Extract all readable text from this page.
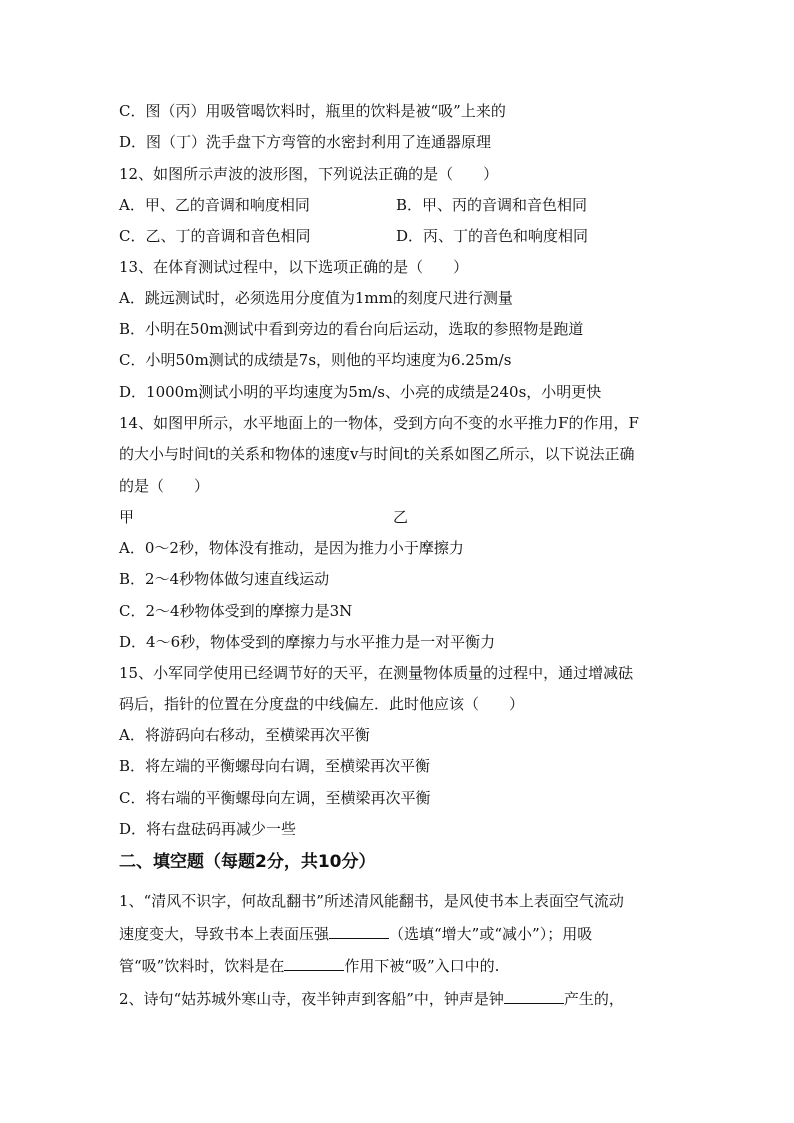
C．图（丙）用吸管喝饮料时，瓶里的饮料是被“吸”上来的
D．图（丁）洗手盘下方弯管的水密封利用了连通器原理
12、如图所示声波的波形图，下列说法正确的是（　　）
A．甲、乙的音调和响度相同	B．甲、丙的音调和音色相同
C．乙、丁的音调和音色相同	D．丙、丁的音色和响度相同
13、在体育测试过程中，以下选项正确的是（　　）
A．跳远测试时，必须选用分度值为1mm的刻度尺进行测量
B．小明在50m测试中看到旁边的看台向后运动，选取的参照物是跑道
C．小明50m测试的成绩是7s，则他的平均速度为6.25m/s
D．1000m测试小明的平均速度为5m/s、小亮的成绩是240s，小明更快
14、如图甲所示，水平地面上的一物体，受到方向不变的水平推力F的作用，F
的大小与时间t的关系和物体的速度v与时间t的关系如图乙所示，以下说法正确
的是（　　）
甲	乙
A．0～2秒，物体没有推动，是因为推力小于摩擦力
B．2～4秒物体做匀速直线运动
C．2～4秒物体受到的摩擦力是3N
D．4～6秒，物体受到的摩擦力与水平推力是一对平衡力
15、小军同学使用已经调节好的天平，在测量物体质量的过程中，通过增减砝
码后，指针的位置在分度盘的中线偏左．此时他应该（　　）
A．将游码向右移动，至横梁再次平衡
B．将左端的平衡螺母向右调，至横梁再次平衡
C．将右端的平衡螺母向左调，至横梁再次平衡
D．将右盘砝码再减少一些
二、填空题（每题2分，共10分）
1、“清风不识字，何故乱翻书”所述清风能翻书，是风使书本上表面空气流动
速度变大，导致书本上表面压强	（选填“增大”或“减小”）；用吸
管“吸”饮料时，饮料是在	作用下被“吸”入口中的.
2、诗句“姑苏城外寒山寺，夜半钟声到客船”中，钟声是钟	产生的，
